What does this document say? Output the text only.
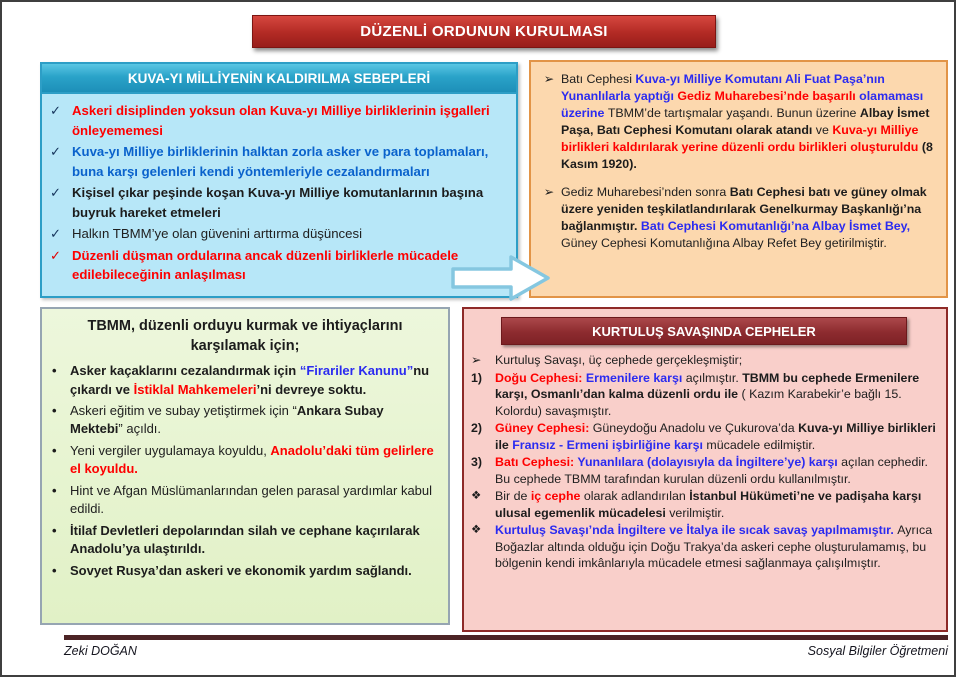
DÜZENLİ ORDUNUN KURULMASI
KUVA-YI MİLLİYENİN KALDIRILMA SEBEPLERİ
✓ Askeri disiplinden yoksun olan Kuva-yı Milliye birliklerinin işgalleri önleyememesi
✓ Kuva-yı Milliye birliklerinin halktan zorla asker ve para toplamaları, buna karşı gelenleri kendi yöntemleriyle cezalandırmaları
✓ Kişisel çıkar peşinde koşan Kuva-yı Milliye komutanlarının başına buyruk hareket etmeleri
✓ Halkın TBMM’ye olan güvenini arttırma düşüncesi
✓ Düzenli düşman ordularına ancak düzenli birliklerle mücadele edilebileceğinin anlaşılması
➢ Batı Cephesi Kuva-yı Milliye Komutanı Ali Fuat Paşa’nın Yunanlılarla yaptığı Gediz Muharebesi’nde başarılı olamaması üzerine TBMM’de tartışmalar yaşandı. Bunun üzerine Albay İsmet Paşa, Batı Cephesi Komutanı olarak atandı ve Kuva-yı Milliye birlikleri kaldırılarak yerine düzenli ordu birlikleri oluşturuldu (8 Kasım 1920).
➢ Gediz Muharebesi’nden sonra Batı Cephesi batı ve güney olmak üzere yeniden teşkilatlandırılarak Genelkurmay Başkanlığı’na bağlanmıştır. Batı Cephesi Komutanlığı’na Albay İsmet Bey, Güney Cephesi Komutanlığına Albay Refet Bey getirilmiştir.
TBMM, düzenli orduyu kurmak ve ihtiyaçlarını karşılamak için;
•	Asker kaçaklarını cezalandırmak için “Firariler Kanunu”nu çıkardı ve İstiklal Mahkemeleri’ni devreye soktu.
•	Askeri eğitim ve subay yetiştirmek için “Ankara Subay Mektebi” açıldı.
•	Yeni vergiler uygulamaya koyuldu, Anadolu’daki tüm gelirlere el koyuldu.
•	Hint ve Afgan Müslümanlarından gelen parasal yardımlar kabul edildi.
•	İtilaf Devletleri depolarından silah ve cephane kaçırılarak Anadolu’ya ulaştırıldı.
•	Sovyet Rusya’dan askeri ve ekonomik yardım sağlandı.
KURTULUŞ SAVAŞINDA CEPHELER
➢	Kurtuluş Savaşı, üç cephede gerçekleşmiştir;
1)	Doğu Cephesi: Ermenilere karşı açılmıştır. TBMM bu cephede Ermenilere karşı, Osmanlı’dan kalma düzenli ordu ile ( Kazım Karabekir’e bağlı 15. Kolordu) savaşmıştır.
2)	Güney Cephesi: Güneydoğu Anadolu ve Çukurova’da Kuva-yı Milliye birlikleri ile Fransız - Ermeni işbirliğine karşı mücadele edilmiştir.
3)	Batı Cephesi: Yunanlılara (dolayısıyla da İngiltere’ye) karşı açılan cephedir. Bu cephede TBMM tarafından kurulan düzenli ordu kullanılmıştır.
❖	Bir de iç cephe olarak adlandırılan İstanbul Hükümeti’ne ve padişaha karşı ulusal egemenlik mücadelesi verilmiştir.
❖	Kurtuluş Savaşı’nda İngiltere ve İtalya ile sıcak savaş yapılmamıştır. Ayrıca Boğazlar altında olduğu için Doğu Trakya’da askeri cephe oluşturulamamış, bu bölgenin kendi imkânlarıyla mücadele etmesi sağlanmaya çalışılmıştır.
Zeki DOĞAN	Sosyal Bilgiler Öğretmeni
